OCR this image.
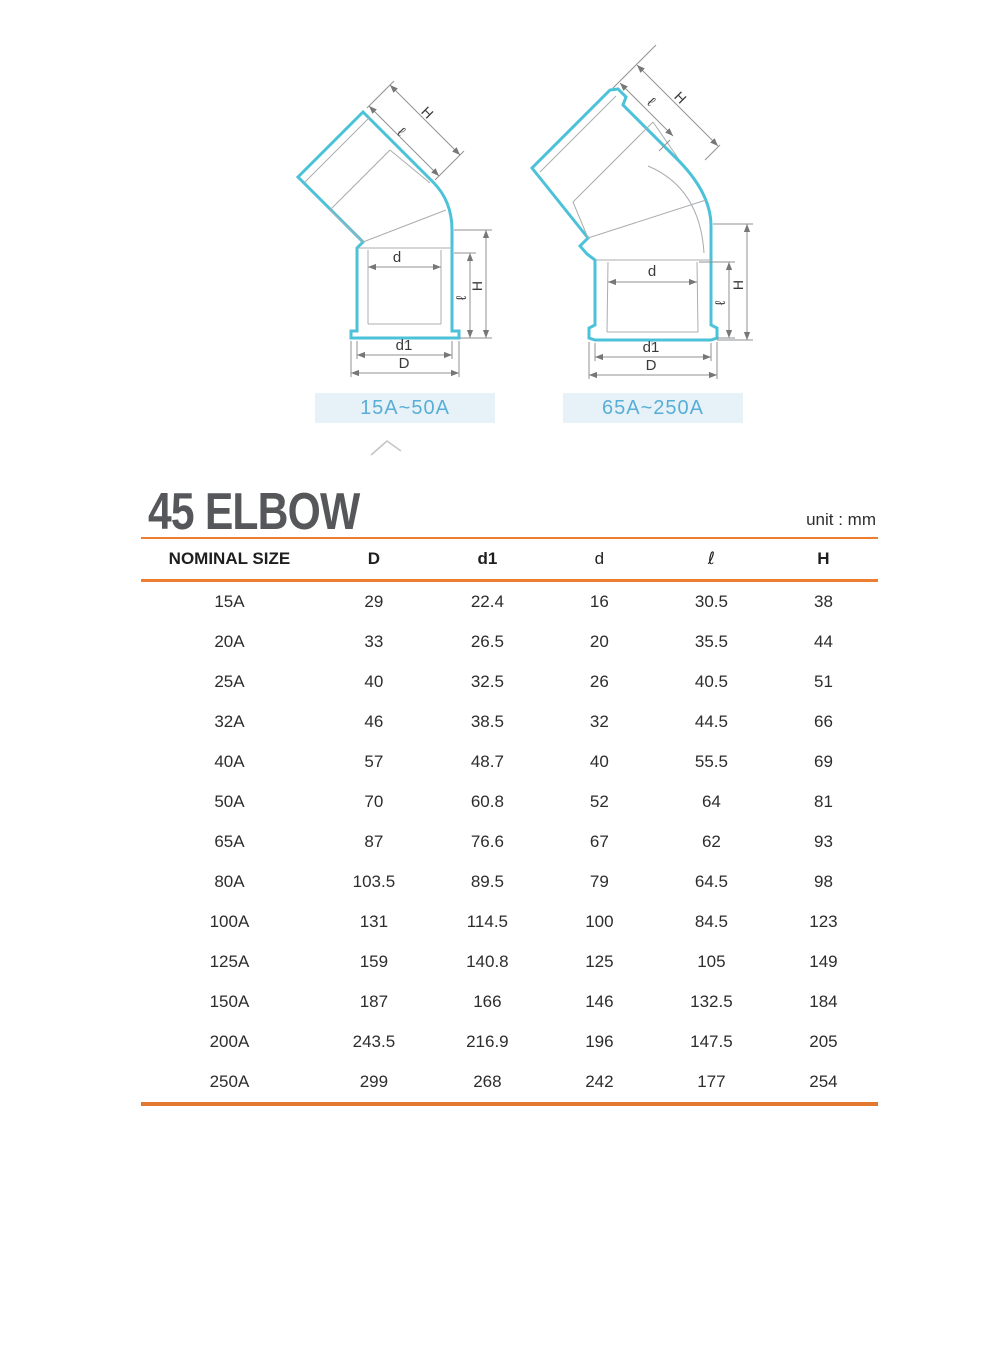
d
ℓ
H
ℓ
H
d1
D
d
ℓ H
ℓ
H
d1
D
15A~50A	65A~250A
45 ELBOW	unit : mm
NOMINAL SIZE	D	d1	d	ℓ	H
15A	29	22.4	16	30.5	38
20A	33	26.5	20	35.5	44
25A	40	32.5	26	40.5	51
32A	46	38.5	32	44.5	66
40A	57	48.7	40	55.5	69
50A	70	60.8	52	64	81
65A	87	76.6	67	62	93
80A	103.5	89.5	79	64.5	98
100A	131	114.5	100	84.5	123
125A	159	140.8	125	105	149
150A	187	166	146	132.5	184
200A	243.5	216.9	196	147.5	205
250A	299	268	242	177	254
